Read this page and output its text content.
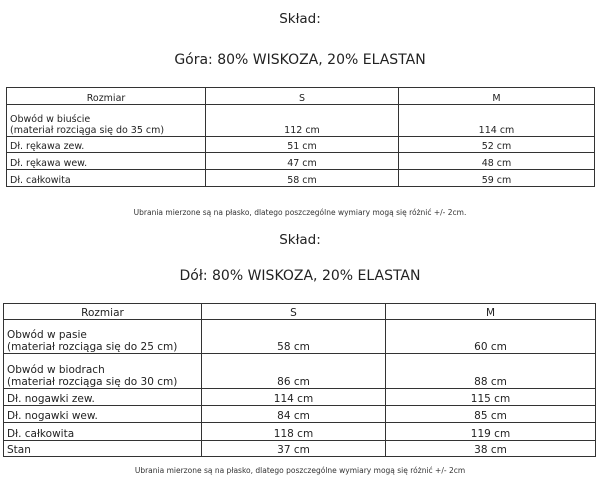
Skład:
Góra: 80% WISKOZA, 20% ELASTAN
Rozmiar	S	M

Obwód w biuście
(materiał rozciąga się do 35 cm)	112 cm	114 cm
Dł. rękawa zew.	51 cm	52 cm
Dł. rękawa wew.	47 cm	48 cm
Dł. całkowita	58 cm	59 cm
Ubrania mierzone są na płasko, dlatego poszczególne wymiary mogą się różnić +/- 2cm.
Skład:
Dół: 80% WISKOZA, 20% ELASTAN
Rozmiar	S	M

Obwód w pasie
(materiał rozciąga się do 25 cm)	58 cm	60 cm

Obwód w biodrach
(materiał rozciąga się do 30 cm)	86 cm	88 cm
Dł. nogawki zew.	114 cm	115 cm
Dł. nogawki wew.	84 cm	85 cm
Dł. całkowita	118 cm	119 cm
Stan	37 cm	38 cm
Ubrania mierzone są na płasko, dlatego poszczególne wymiary mogą się różnić +/- 2cm
